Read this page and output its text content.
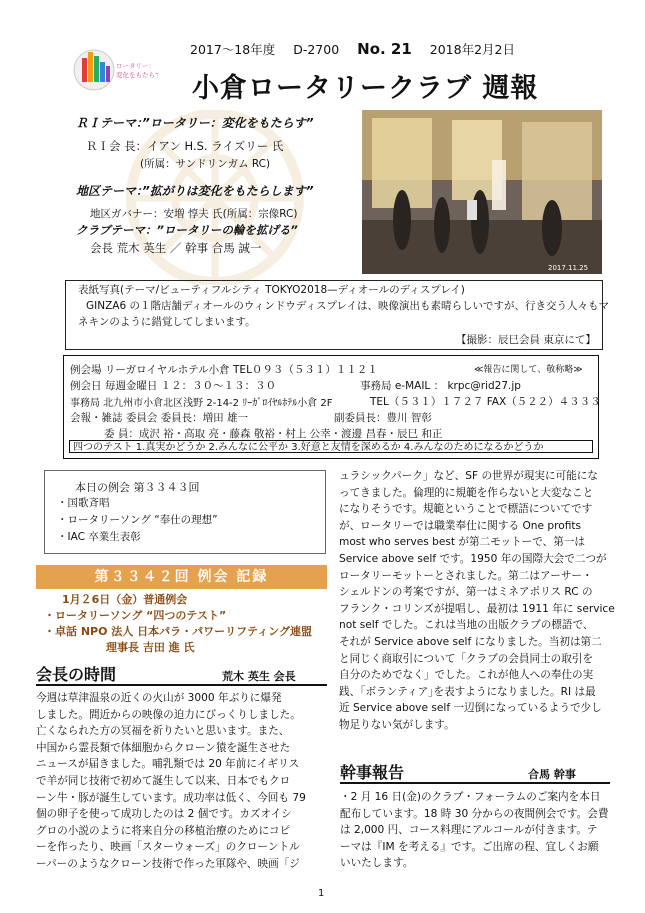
ロータリー：
変化をもたらす
2017〜18年度 D-2700 No. 21 2018年2月2日
小倉ロータリークラブ 週報
ＲＩテーマ：”ロータリー：変化をもたらす”
ＲＩ会 長：イアン H.S. ライズリー 氏
(所属：サンドリンガム RC)
地区テーマ：”拡がりは変化をもたらします”
地区ガバナー：安増 惇夫 氏(所属：宗像RC)
クラブテーマ：”ロータリーの輪を拡げる”
会長 荒木 英生 ／ 幹事 合馬 誠一
2017.11.25
表紙写真(テーマ/ビューティフルシティ TOKYO2018—ディオールのディスプレイ)
GINZA6 の１階店舗ディオールのウィンドウディスプレイは、映像演出も素晴らしいですが、行き交う人々もマ
ネキンのように錯覚してしまいます。
【撮影：辰巳会員 東京にて】
例会場 リーガロイヤルホテル小倉 TEL０９３（５３１）１１２１	≪報告に関して、敬称略≫
例会日 毎週金曜日 １２：３０〜１３：３０	事務局 e-MAIL ： krpc@rid27.jp
事務局 北九州市小倉北区浅野 2-14-2 ﾘｰｶﾞﾛｲﾔﾙﾎﾃﾙ小倉 2F	TEL（５３１）１７２７ FAX（５２２）４３３３
会報・雑誌 委員会 委員長：増田 雄一	副委員長：豊川 智彰
委 員：成沢 裕・高取 亮・藤森 敬裕・村上 公幸・渡邊 昌春・辰巳 和正
四つのテスト 1.真実かどうか 2.みんなに公平か 3.好意と友情を深めるか 4.みんなのためになるかどうか
本日の例会 第３３４３回
・国歌斉唱
・ロータリーソング “奉仕の理想”
・IAC 卒業生表彰
第３３４２回 例会 記録
1月２6日（金）普通例会
・ロータリーソング “四つのテスト”
・卓話 NPO 法人 日本パラ・パワーリフティング連盟
理事長 吉田 進 氏
会長の時間	荒木 英生 会長
今週は草津温泉の近くの火山が 3000 年ぶりに爆発
しました。間近からの映像の迫力にびっくりしました。
亡くなられた方の冥福を祈りたいと思います。また、
中国から霊長類で体細胞からクローン猿を誕生させた
ニュースが届きました。哺乳類では 20 年前にイギリス
で羊が同じ技術で初めて誕生して以来、日本でもクロ
ーン牛・豚が誕生しています。成功率は低く、今回も 79
個の卵子を使って成功したのは 2 個です。カズオイシ
グロの小説のように将来自分の移植治療のためにコピ
ーを作ったり、映画「スターウォーズ」のクローントル
ーパーのようなクローン技術で作った軍隊や、映画「ジ
ュラシックパーク」など、SF の世界が現実に可能にな
ってきました。倫理的に規範を作らないと大変なこと
になりそうです。規範ということで標語についてです
が、ロータリーでは職業奉仕に関する One profits
most who serves best が第二モットーで、第一は
Service above self です。1950 年の国際大会で二つが
ロータリーモットーとされました。第二はアーサー・
シェルドンの考案ですが、第一はミネアポリス RC の
フランク・コリンズが提唱し、最初は 1911 年に service
not self でした。これは当地の出版クラブの標語で、
それが Service above self になりました。当初は第二
と同じく商取引について「クラブの会員同士の取引を
自分のためでなく」でした。これが他人への奉仕の実
践、｢ボランティア｣を表すようになりました。RI は最
近 Service above self 一辺倒になっているようで少し
物足りない気がします。
幹事報告	合馬 幹事
・2 月 16 日(金)のクラブ・フォーラムのご案内を本日
配布しています。18 時 30 分からの夜間例会です。会費
は 2,000 円、コース料理にアルコールが付きます。テ
ーマは『IM を考える』です。ご出席の程、宜しくお願
いいたします。
1
